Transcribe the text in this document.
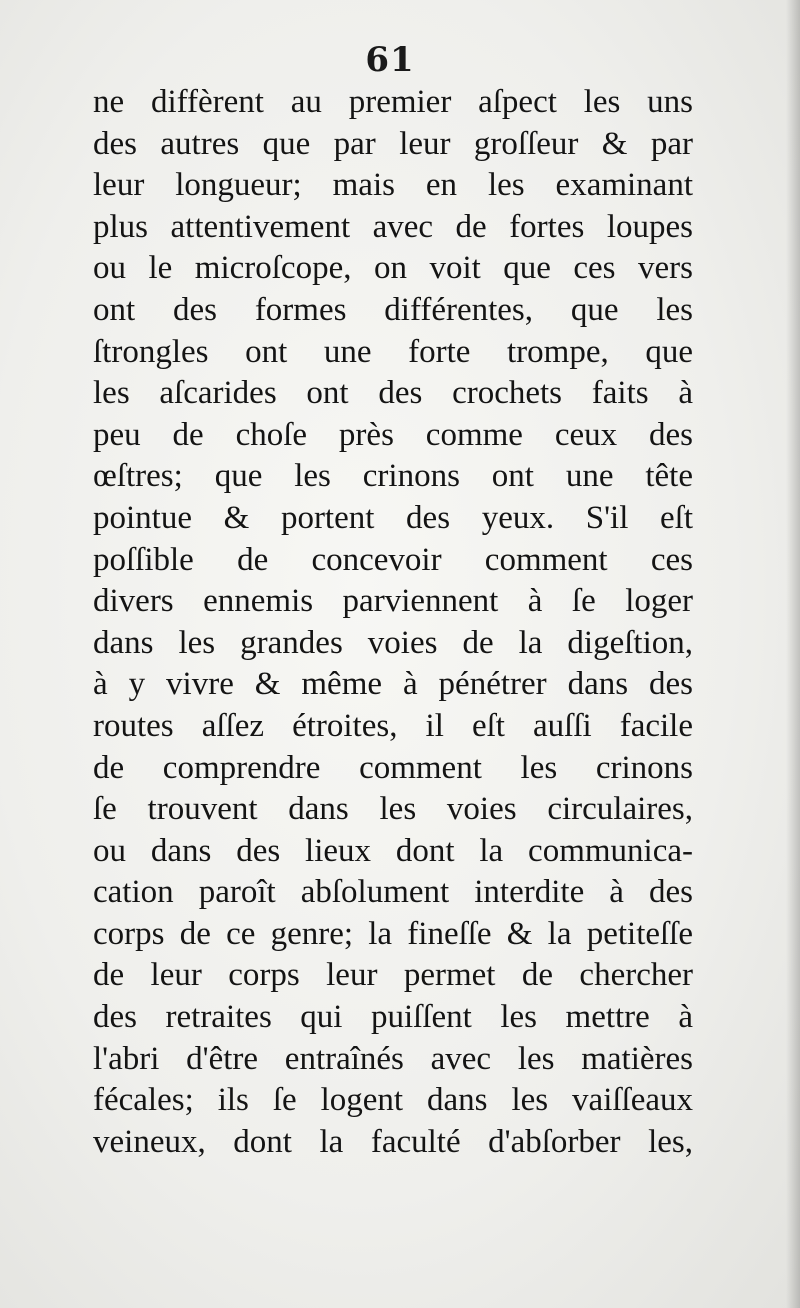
61
ne diffèrent au premier aſpect les uns
des autres que par leur groſſeur & par
leur longueur; mais en les examinant
plus attentivement avec de fortes loupes
ou le microſcope, on voit que ces vers
ont des formes différentes, que les
ſtrongles ont une forte trompe, que
les aſcarides ont des crochets faits à
peu de choſe près comme ceux des
œſtres; que les crinons ont une tête
pointue & portent des yeux. S'il eſt
poſſible de concevoir comment ces
divers ennemis parviennent à ſe loger
dans les grandes voies de la digeſtion,
à y vivre & même à pénétrer dans des
routes aſſez étroites, il eſt auſſi facile
de comprendre comment les crinons
ſe trouvent dans les voies circulaires,
ou dans des lieux dont la communica-
cation paroît abſolument interdite à des
corps de ce genre; la fineſſe & la petiteſſe
de leur corps leur permet de chercher
des retraites qui puiſſent les mettre à
l'abri d'être entraînés avec les matières
fécales; ils ſe logent dans les vaiſſeaux
veineux, dont la faculté d'abſorber les,
